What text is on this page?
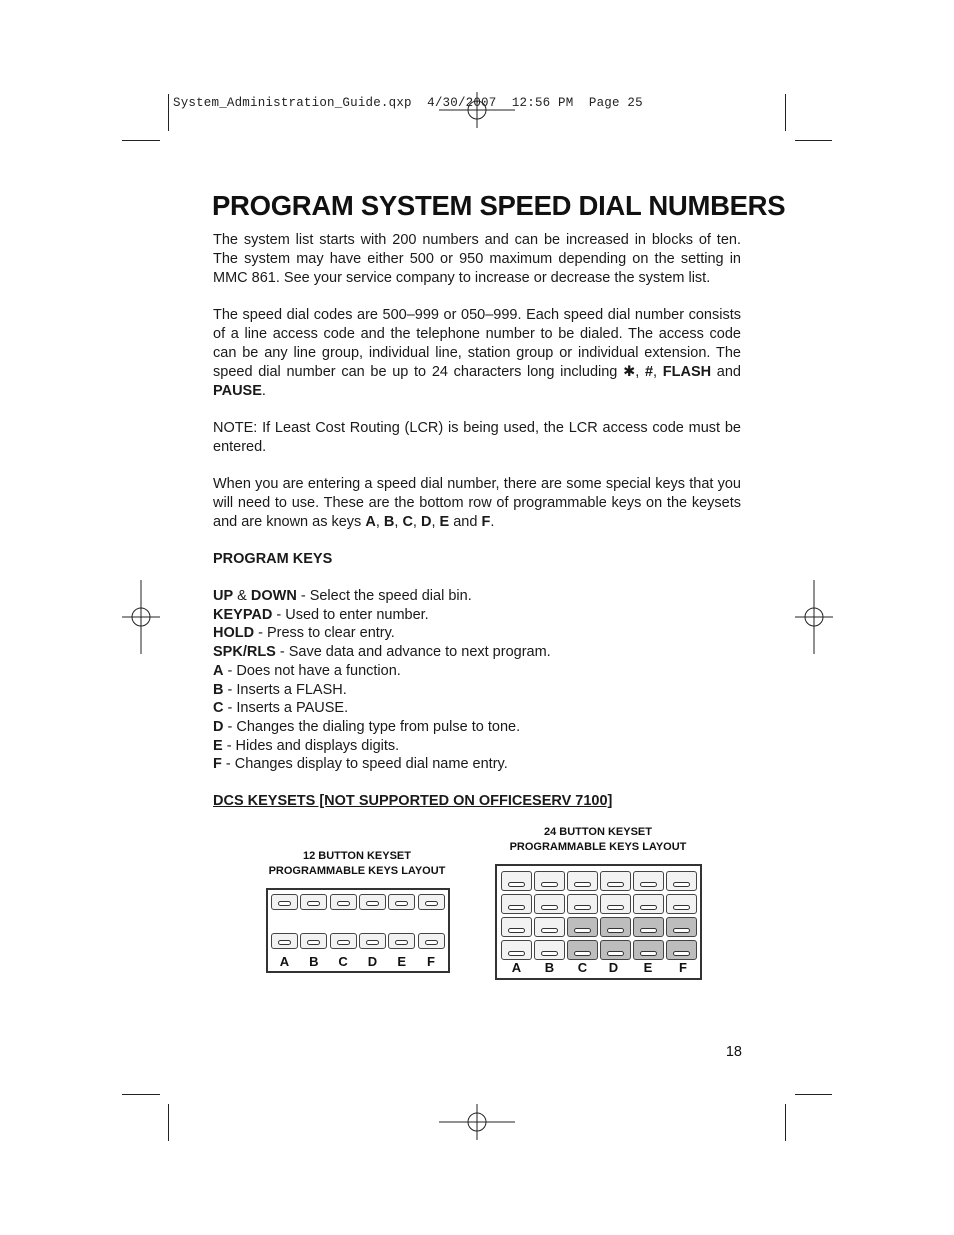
System_Administration_Guide.qxp  4/30/2007  12:56 PM  Page 25
PROGRAM SYSTEM SPEED DIAL NUMBERS

The system list starts with 200 numbers and can be increased in blocks of ten. The system may have either 500 or 950 maximum depending on the setting in MMC 861. See your service company to increase or decrease the system list.

The speed dial codes are 500–999 or 050–999. Each speed dial number consists of a line access code and the telephone number to be dialed. The access code can be any line group, individual line, station group or individual extension. The speed dial number can be up to 24 characters long including ✱, #, FLASH and PAUSE.

NOTE: If Least Cost Routing (LCR) is being used, the LCR access code must be entered.

When you are entering a speed dial number, there are some special keys that you will need to use. These are the bottom row of programmable keys on the keysets and are known as keys A, B, C, D, E and F.

PROGRAM KEYS
UP & DOWN - Select the speed dial bin.
KEYPAD - Used to enter number.
HOLD - Press to clear entry.
SPK/RLS - Save data and advance to next program.
A - Does not have a function.
B - Inserts a FLASH.
C - Inserts a PAUSE.
D - Changes the dialing type from pulse to tone.
E - Hides and displays digits.
F - Changes display to speed dial name entry.
DCS KEYSETS [NOT SUPPORTED ON OFFICESERV 7100]
12 BUTTON KEYSET
PROGRAMMABLE KEYS LAYOUT
A	B	C	D	E	F
24 BUTTON KEYSET
PROGRAMMABLE KEYS LAYOUT
A	B	C	D	E	F
18
